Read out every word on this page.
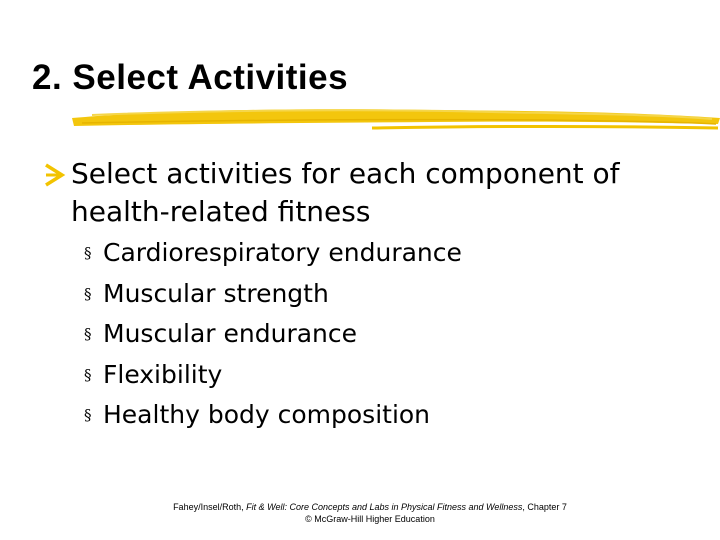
2. Select Activities
Select activities for each component of health-related fitness
§ Cardiorespiratory endurance
§ Muscular strength
§ Muscular endurance
§ Flexibility
§ Healthy body composition
Fahey/Insel/Roth, Fit & Well: Core Concepts and Labs in Physical Fitness and Wellness, Chapter 7
© McGraw-Hill Higher Education
